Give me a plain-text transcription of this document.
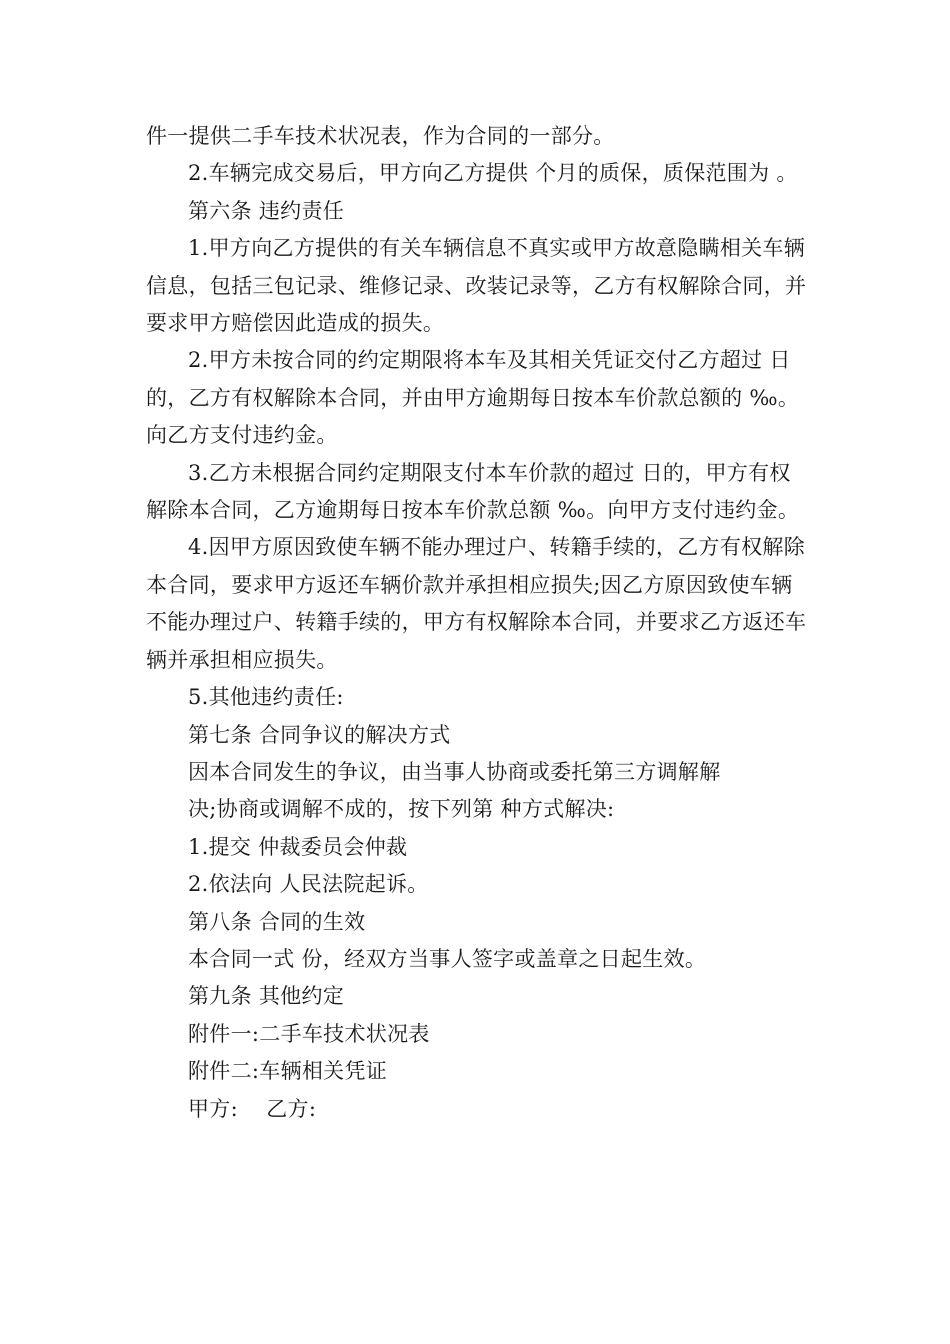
件一提供二手车技术状况表，作为合同的一部分。

2.车辆完成交易后，甲方向乙方提供 个月的质保，质保范围为 。

第六条 违约责任

1.甲方向乙方提供的有关车辆信息不真实或甲方故意隐瞒相关车辆信息，包括三包记录、维修记录、改装记录等，乙方有权解除合同，并要求甲方赔偿因此造成的损失。

2.甲方未按合同的约定期限将本车及其相关凭证交付乙方超过 日的，乙方有权解除本合同，并由甲方逾期每日按本车价款总额的 ‰。向乙方支付违约金。

3.乙方未根据合同约定期限支付本车价款的超过 日的，甲方有权解除本合同，乙方逾期每日按本车价款总额 ‰。向甲方支付违约金。

4.因甲方原因致使车辆不能办理过户、转籍手续的，乙方有权解除本合同，要求甲方返还车辆价款并承担相应损失;因乙方原因致使车辆不能办理过户、转籍手续的，甲方有权解除本合同，并要求乙方返还车辆并承担相应损失。

5.其他违约责任:

第七条 合同争议的解决方式

因本合同发生的争议，由当事人协商或委托第三方调解解

决;协商或调解不成的，按下列第 种方式解决:

1.提交 仲裁委员会仲裁

2.依法向 人民法院起诉。

第八条 合同的生效

本合同一式 份，经双方当事人签字或盖章之日起生效。

第九条 其他约定

附件一:二手车技术状况表

附件二:车辆相关凭证

甲方:　 乙方:
